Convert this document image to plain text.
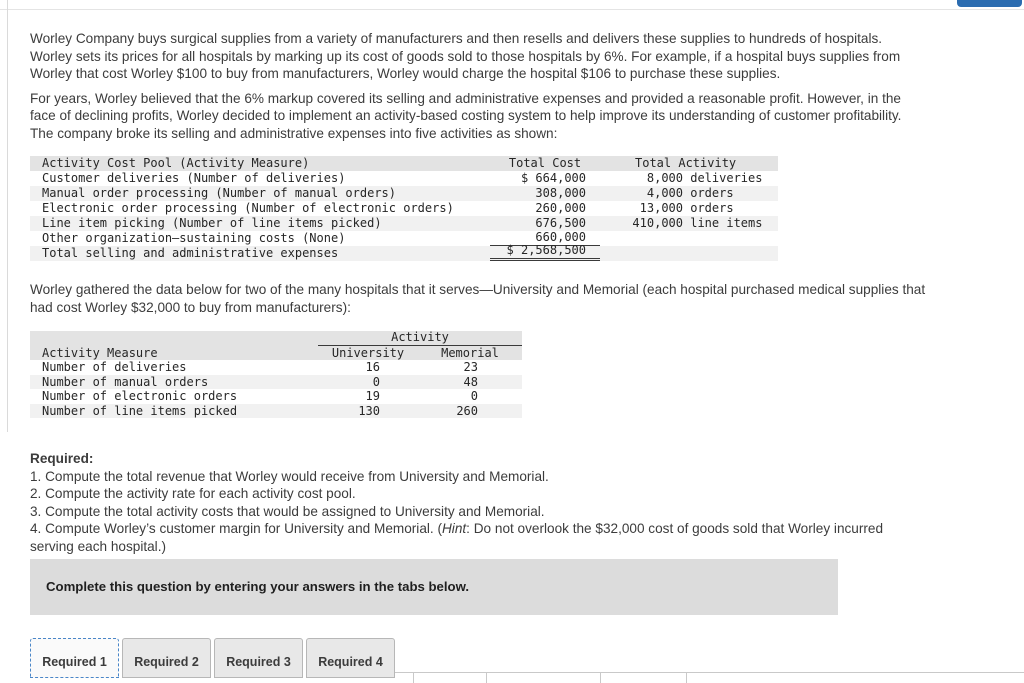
Worley Company buys surgical supplies from a variety of manufacturers and then resells and delivers these supplies to hundreds of hospitals. Worley sets its prices for all hospitals by marking up its cost of goods sold to those hospitals by 6%. For example, if a hospital buys supplies from Worley that cost Worley $100 to buy from manufacturers, Worley would charge the hospital $106 to purchase these supplies.

For years, Worley believed that the 6% markup covered its selling and administrative expenses and provided a reasonable profit. However, in the face of declining profits, Worley decided to implement an activity-based costing system to help improve its understanding of customer profitability. The company broke its selling and administrative expenses into five activities as shown:

Activity Cost Pool (Activity Measure)	Total Cost	Total Activity
Customer deliveries (Number of deliveries)	$ 664,000	8,000 deliveries
Manual order processing (Number of manual orders)	308,000	4,000 orders
Electronic order processing (Number of electronic orders)	260,000	13,000 orders
Line item picking (Number of line items picked)	676,500	410,000 line items
Other organization–sustaining costs (None)	660,000
Total selling and administrative expenses	$ 2,568,500

Worley gathered the data below for two of the many hospitals that it serves—University and Memorial (each hospital purchased medical supplies that had cost Worley $32,000 to buy from manufacturers):

Activity
Activity Measure	University	Memorial
Number of deliveries	16	23
Number of manual orders	0	48
Number of electronic orders	19	0
Number of line items picked	130	260
Required:
1. Compute the total revenue that Worley would receive from University and Memorial.
2. Compute the activity rate for each activity cost pool.
3. Compute the total activity costs that would be assigned to University and Memorial.
4. Compute Worley’s customer margin for University and Memorial. (Hint: Do not overlook the $32,000 cost of goods sold that Worley incurred serving each hospital.)
Complete this question by entering your answers in the tabs below.
Required 1	Required 2	Required 3	Required 4
